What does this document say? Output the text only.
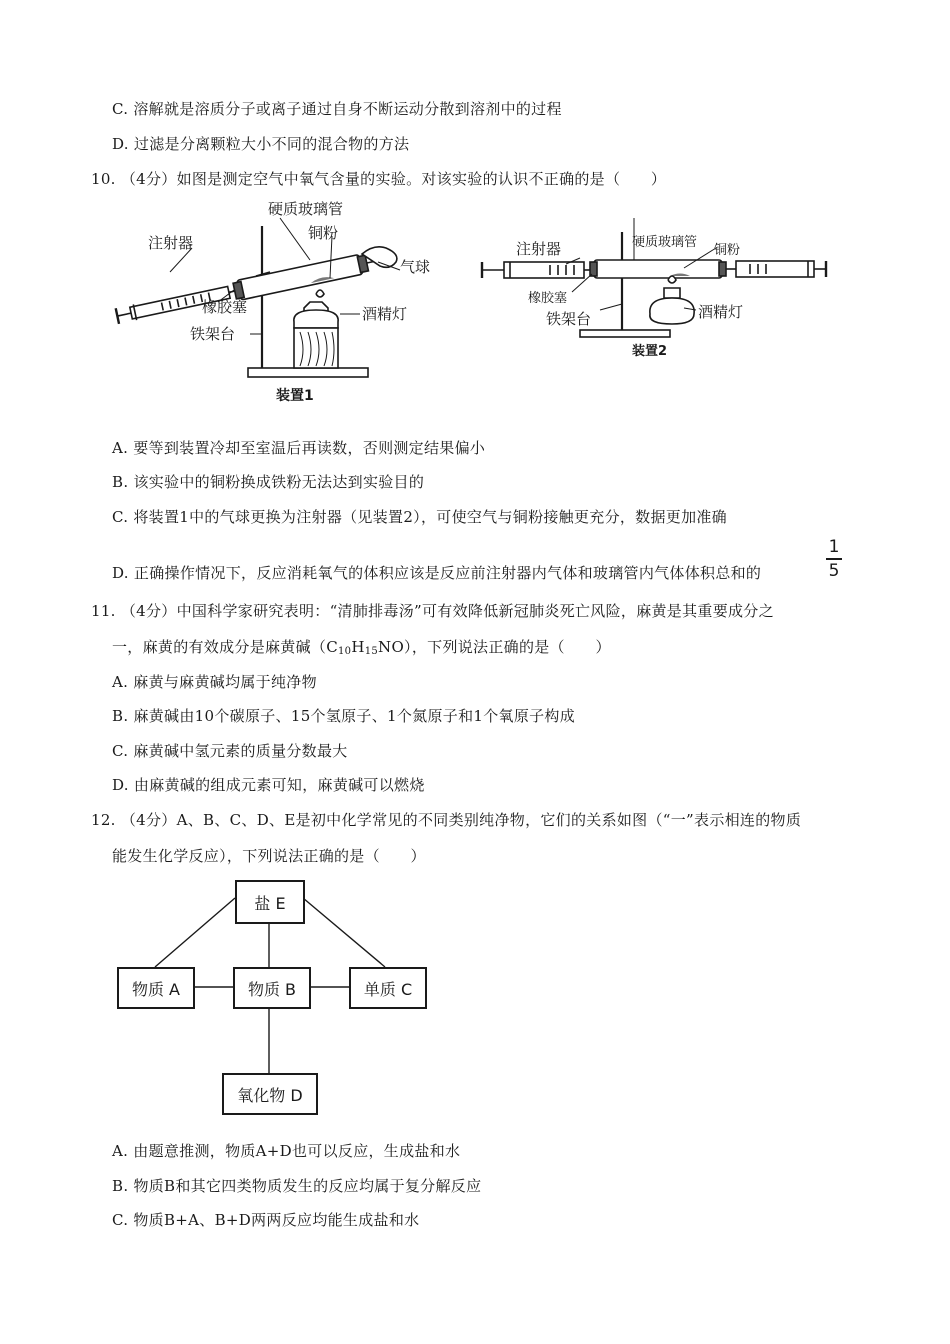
C. 溶解就是溶质分子或离子通过自身不断运动分散到溶剂中的过程
D. 过滤是分离颗粒大小不同的混合物的方法
10. （4分）如图是测定空气中氧气含量的实验。对该实验的认识不正确的是（　　）
注射器
硬质玻璃管
铜粉
气球
橡胶塞	酒精灯
铁架台
装置1
注射器	硬质玻璃管
铜粉
橡胶塞
铁架台	酒精灯
装置2
A. 要等到装置冷却至室温后再读数，否则测定结果偏小
B. 该实验中的铜粉换成铁粉无法达到实验目的
C. 将装置1中的气球更换为注射器（见装置2），可使空气与铜粉接触更充分，数据更加准确
D. 正确操作情况下，反应消耗氧气的体积应该是反应前注射器内气体和玻璃管内气体体积总和的
1
5
11. （4分）中国科学家研究表明：“清肺排毒汤”可有效降低新冠肺炎死亡风险，麻黄是其重要成分之
一，麻黄的有效成分是麻黄碱$(C_{10}H_{15}NO)$，下列说法正确的是（　　）
A. 麻黄与麻黄碱均属于纯净物
B. 麻黄碱由10个碳原子、15个氢原子、1个氮原子和1个氧原子构成
C. 麻黄碱中氢元素的质量分数最大
D. 由麻黄碱的组成元素可知，麻黄碱可以燃烧
12. （4分）A、B、C、D、E是初中化学常见的不同类别纯净物，它们的关系如图（“一”表示相连的物质
能发生化学反应），下列说法正确的是（　　）
盐 E
物质 A	物质 B	单质 C
氧化物 D
A. 由题意推测，物质A+D也可以反应，生成盐和水
B. 物质B和其它四类物质发生的反应均属于复分解反应
C. 物质B+A、B+D两两反应均能生成盐和水
